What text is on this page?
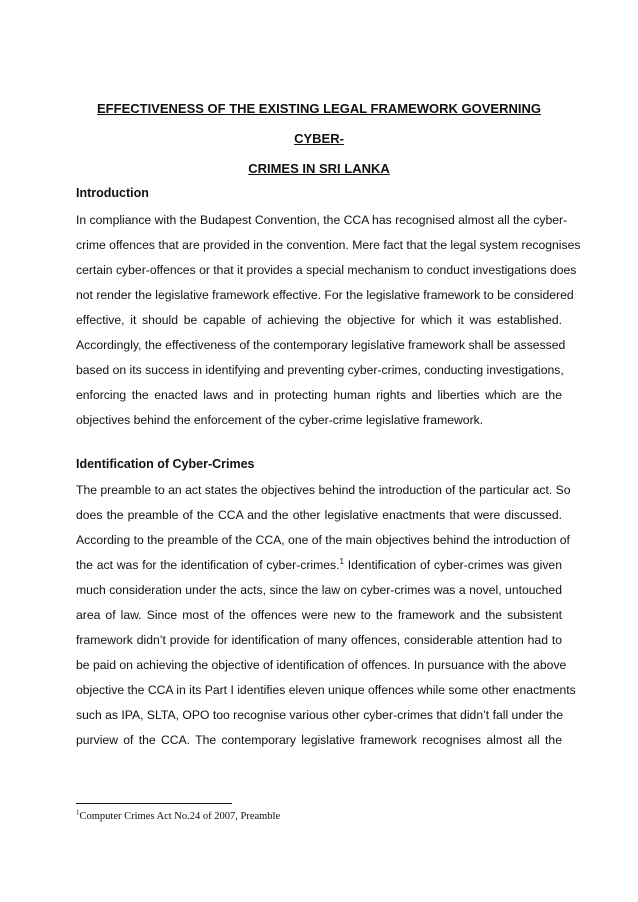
EFFECTIVENESS OF THE EXISTING LEGAL FRAMEWORK GOVERNING CYBER-
CRIMES IN SRI LANKA
Introduction
In compliance with the Budapest Convention, the CCA has recognised almost all the cyber-
crime offences that are provided in the convention. Mere fact that the legal system recognises
certain cyber-offences or that it provides a special mechanism to conduct investigations does
not render the legislative framework effective. For the legislative framework to be considered
effective, it should be capable of achieving the objective for which it was established.
Accordingly, the effectiveness of the contemporary legislative framework shall be assessed
based on its success in identifying and preventing cyber-crimes, conducting investigations,
enforcing the enacted laws and in protecting human rights and liberties which are the
objectives behind the enforcement of the cyber-crime legislative framework.
Identification of Cyber-Crimes
The preamble to an act states the objectives behind the introduction of the particular act. So
does the preamble of the CCA and the other legislative enactments that were discussed.
According to the preamble of the CCA, one of the main objectives behind the introduction of
the act was for the identification of cyber-crimes.$^1$ Identification of cyber-crimes was given
much consideration under the acts, since the law on cyber-crimes was a novel, untouched
area of law. Since most of the offences were new to the framework and the subsistent
framework didn’t provide for identification of many offences, considerable attention had to
be paid on achieving the objective of identification of offences. In pursuance with the above
objective the CCA in its Part I identifies eleven unique offences while some other enactments
such as IPA, SLTA, OPO too recognise various other cyber-crimes that didn’t fall under the
purview of the CCA. The contemporary legislative framework recognises almost all the
$^1$Computer Crimes Act No.24 of 2007, Preamble
